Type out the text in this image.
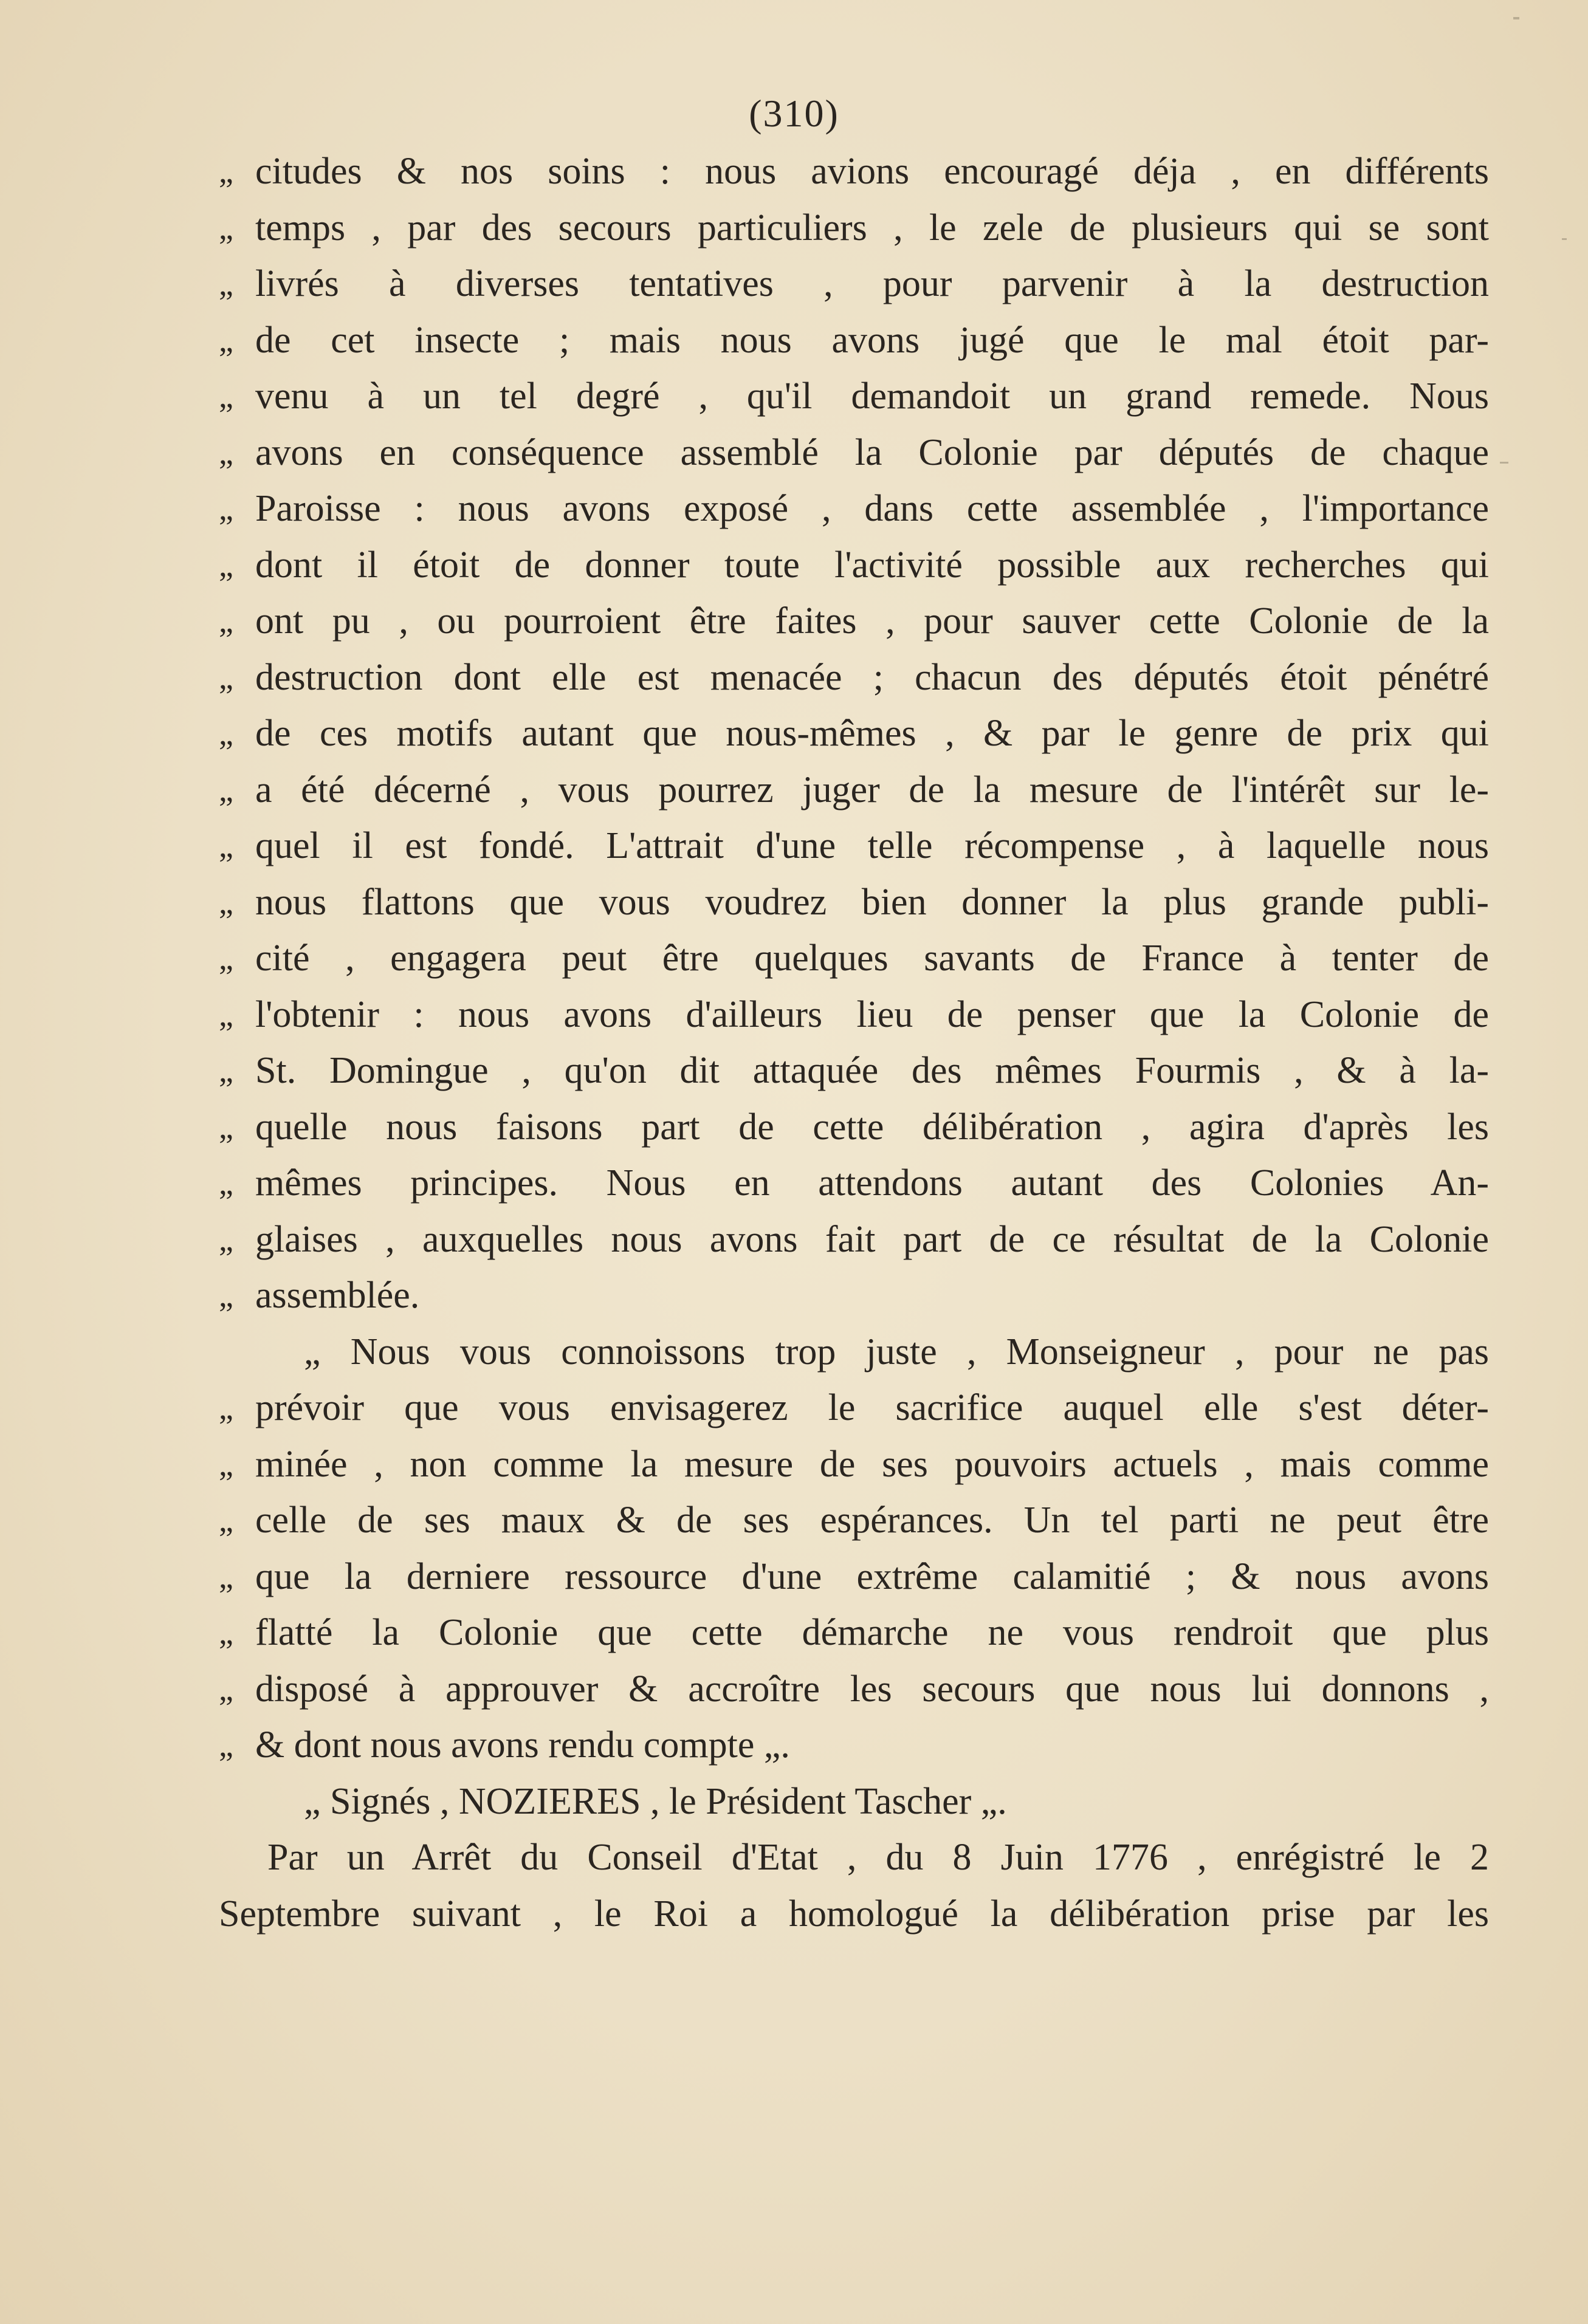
(310)
„ citudes & nos soins : nous avions encouragé déja , en différents
„ temps , par des secours particuliers , le zele de plusieurs qui se sont
„ livrés à diverses tentatives , pour parvenir à la destruction
„ de cet insecte ; mais nous avons jugé que le mal étoit par-
„ venu à un tel degré , qu'il demandoit un grand remede. Nous
„ avons en conséquence assemblé la Colonie par députés de chaque
„ Paroisse : nous avons exposé , dans cette assemblée , l'importance
„ dont il étoit de donner toute l'activité possible aux recherches qui
„ ont pu , ou pourroient être faites , pour sauver cette Colonie de la
„ destruction dont elle est menacée ; chacun des députés étoit pénétré
„ de ces motifs autant que nous-mêmes , & par le genre de prix qui
„ a été décerné , vous pourrez juger de la mesure de l'intérêt sur le-
„ quel il est fondé. L'attrait d'une telle récompense , à laquelle nous
„ nous flattons que vous voudrez bien donner la plus grande publi-
„ cité , engagera peut être quelques savants de France à tenter de
„ l'obtenir : nous avons d'ailleurs lieu de penser que la Colonie de
„ St. Domingue , qu'on dit attaquée des mêmes Fourmis , & à la-
„ quelle nous faisons part de cette délibération , agira d'après les
„ mêmes principes. Nous en attendons autant des Colonies An-
„ glaises , auxquelles nous avons fait part de ce résultat de la Colonie
„ assemblée.
„ Nous vous connoissons trop juste , Monseigneur , pour ne pas
„ prévoir que vous envisagerez le sacrifice auquel elle s'est déter-
„ minée , non comme la mesure de ses pouvoirs actuels , mais comme
„ celle de ses maux & de ses espérances. Un tel parti ne peut être
„ que la derniere ressource d'une extrême calamitié ; & nous avons
„ flatté la Colonie que cette démarche ne vous rendroit que plus
„ disposé à approuver & accroître les secours que nous lui donnons ,
„ & dont nous avons rendu compte „.
„ Signés , NOZIERES , le Président Tascher „.
Par un Arrêt du Conseil d'Etat , du 8 Juin 1776 , enrégistré le 2
Septembre suivant , le Roi a homologué la délibération prise par les
